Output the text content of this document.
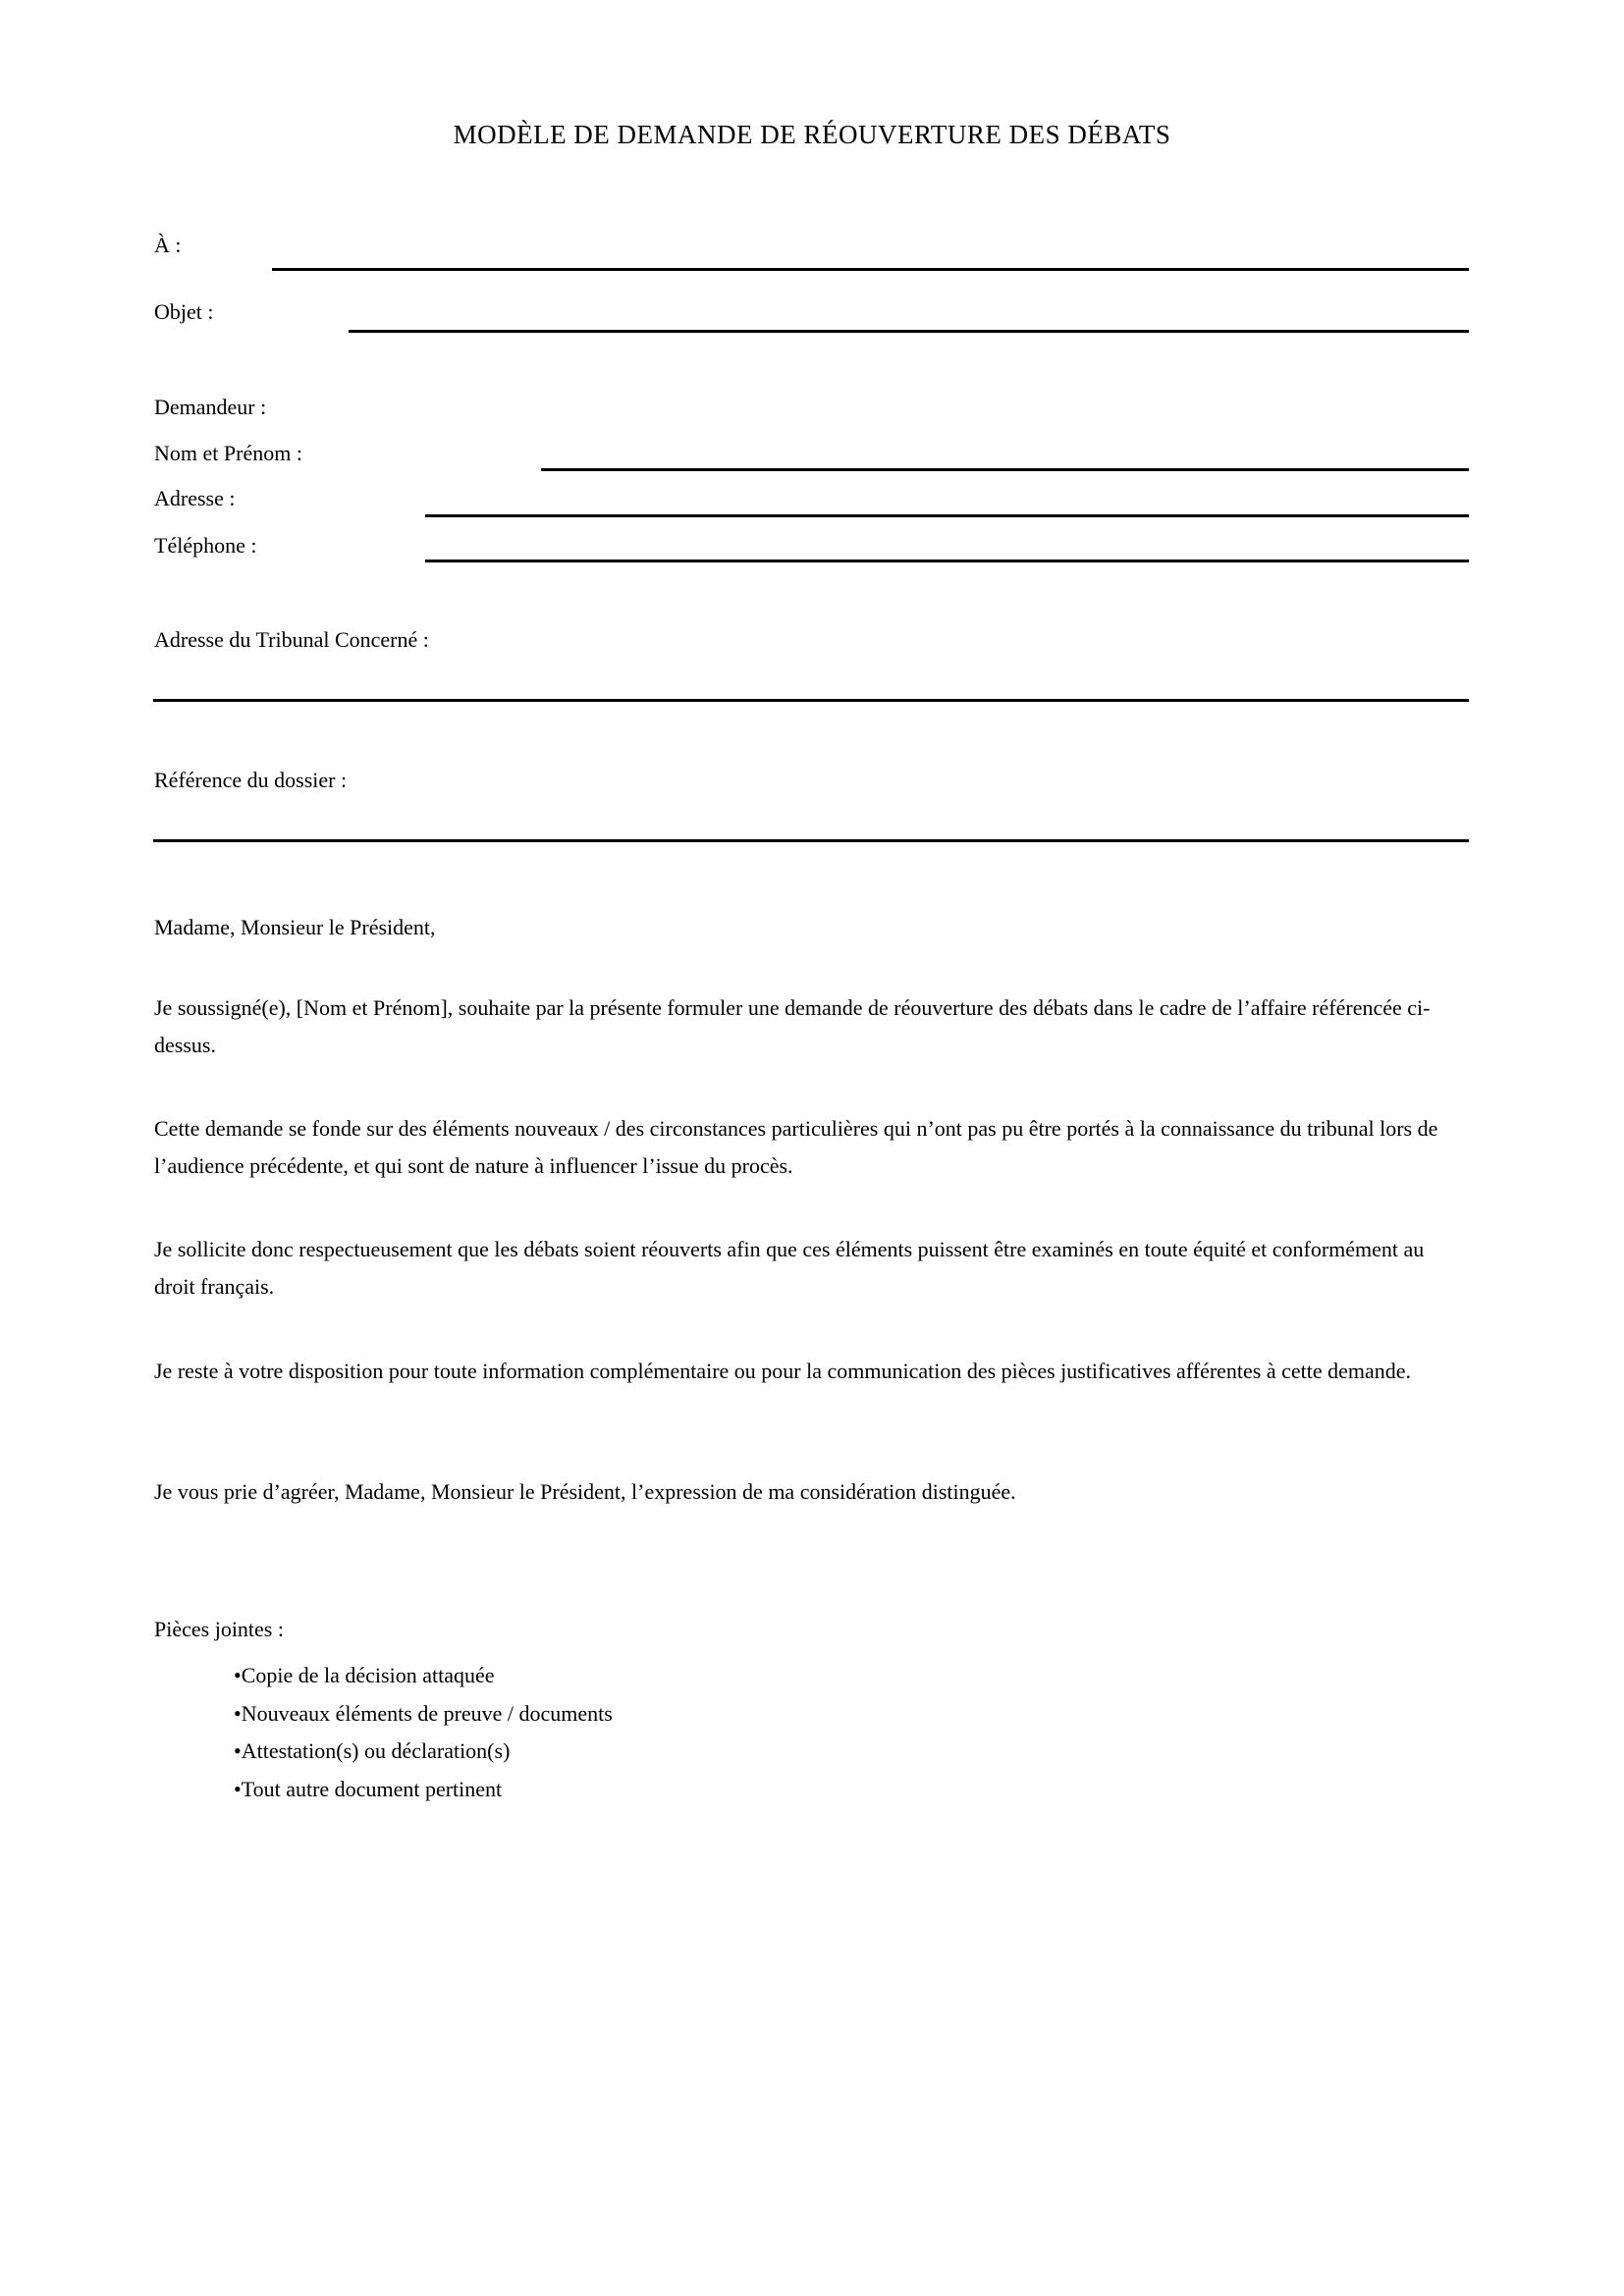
MODÈLE DE DEMANDE DE RÉOUVERTURE DES DÉBATS
À :
Objet :
Demandeur :
Nom et Prénom :
Adresse :
Téléphone :
Adresse du Tribunal Concerné :
Référence du dossier :

Madame, Monsieur le Président,

Je soussigné(e), [Nom et Prénom], souhaite par la présente formuler une demande de réouverture des débats dans le cadre de l’affaire référencée ci-dessus.

Cette demande se fonde sur des éléments nouveaux / des circonstances particulières qui n’ont pas pu être portés à la connaissance du tribunal lors de l’audience précédente, et qui sont de nature à influencer l’issue du procès.

Je sollicite donc respectueusement que les débats soient réouverts afin que ces éléments puissent être examinés en toute équité et conformément au droit français.

Je reste à votre disposition pour toute information complémentaire ou pour la communication des pièces justificatives afférentes à cette demande.

Je vous prie d’agréer, Madame, Monsieur le Président, l’expression de ma considération distinguée.

Pièces jointes :
• Copie de la décision attaquée
• Nouveaux éléments de preuve / documents
• Attestation(s) ou déclaration(s)
• Tout autre document pertinent
